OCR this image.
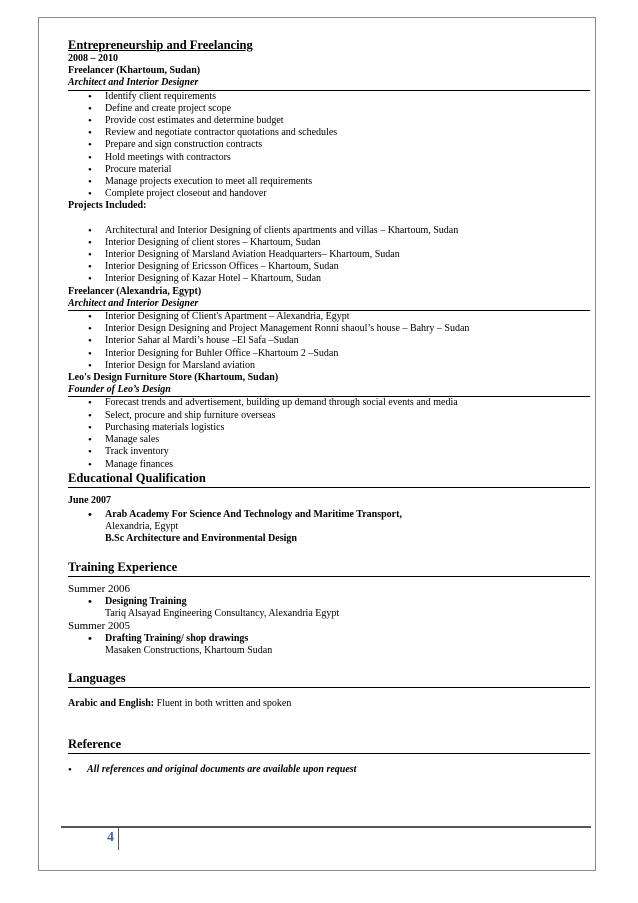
Entrepreneurship and Freelancing
2008 – 2010
Freelancer (Khartoum, Sudan)
Architect and Interior Designer
• Identify client requirements
• Define and create project scope
• Provide cost estimates and determine budget
• Review and negotiate contractor quotations and schedules
• Prepare and sign construction contracts
• Hold meetings with contractors
• Procure material
• Manage projects execution to meet all requirements
• Complete project closeout and handover
Projects Included:
• Architectural and Interior Designing of clients apartments and villas – Khartoum, Sudan
• Interior Designing of client stores – Khartoum, Sudan
• Interior Designing of Marsland Aviation Headquarters– Khartoum, Sudan
• Interior Designing of Ericsson Offices – Khartoum, Sudan
• Interior Designing of Kazar Hotel – Khartoum, Sudan
Freelancer (Alexandria, Egypt)
Architect and Interior Designer
• Interior Designing of Client's Apartment – Alexandria, Egypt
• Interior Design Designing and Project Management Ronni shaoul’s house – Bahry – Sudan
• Interior Sahar al Mardi’s house –El Safa –Sudan
• Interior Designing for Buhler Office –Khartoum 2 –Sudan
• Interior Design for Marsland aviation
Leo's Design Furniture Store (Khartoum, Sudan)
Founder of Leo’s Design
• Forecast trends and advertisement, building up demand through social events and media
• Select, procure and ship furniture overseas
• Purchasing materials logistics
• Manage sales
• Track inventory
• Manage finances
Educational Qualification
June 2007
• Arab Academy For Science And Technology and Maritime Transport,
Alexandria, Egypt
B.Sc Architecture and Environmental Design
Training Experience
Summer 2006
• Designing Training
Tariq Alsayad Engineering Consultancy, Alexandria Egypt
Summer 2005
• Drafting Training/ shop drawings
Masaken Constructions, Khartoum Sudan
Languages
Arabic and English: Fluent in both written and spoken
Reference
• All references and original documents are available upon request
4
